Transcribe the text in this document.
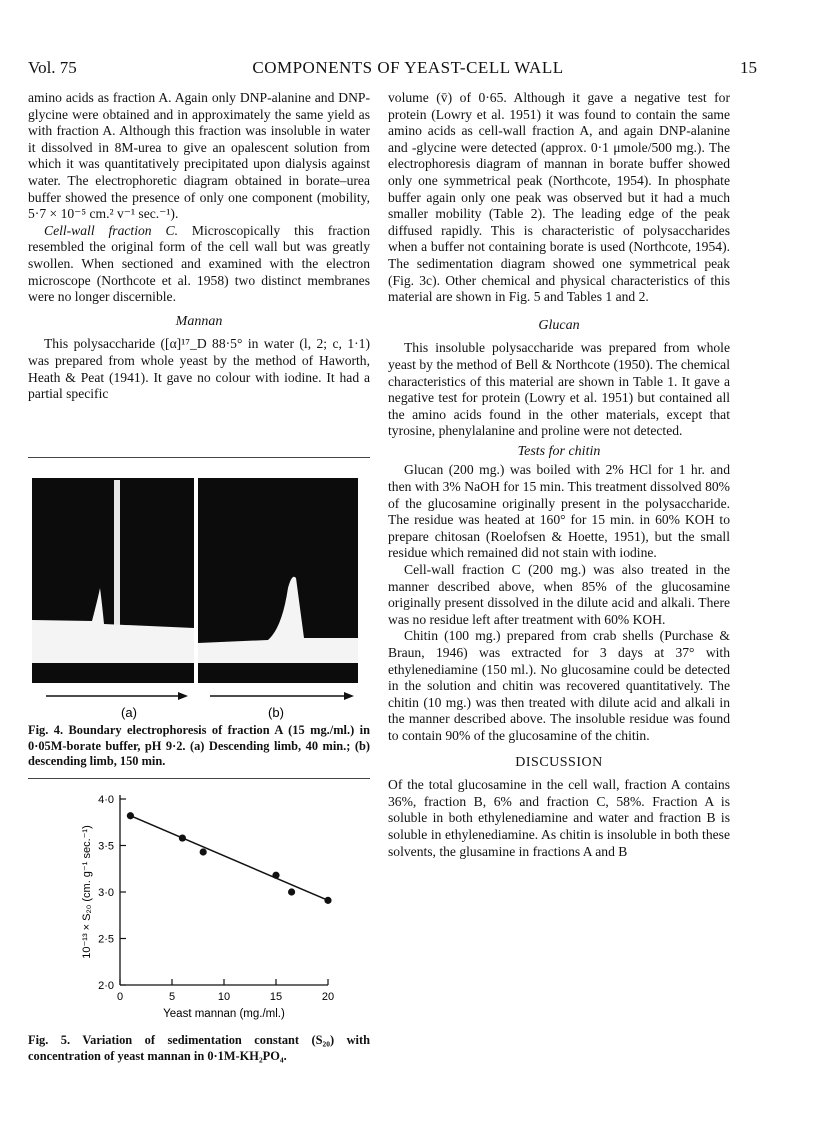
Vol. 75	COMPONENTS OF YEAST-CELL WALL	15

amino acids as fraction A. Again only DNP-alanine and DNP-glycine were obtained and in approximately the same yield as with fraction A. Although this fraction was insoluble in water it dissolved in 8M-urea to give an opalescent solution from which it was quantitatively precipitated upon dialysis against water. The electrophoretic diagram obtained in borate–urea buffer showed the presence of only one component (mobility, 5·7 × 10⁻⁵ cm.² v⁻¹ sec.⁻¹).

Cell-wall fraction C. Microscopically this fraction resembled the original form of the cell wall but was greatly swollen. When sectioned and examined with the electron microscope (Northcote et al. 1958) two distinct membranes were no longer discernible.

Mannan

This polysaccharide ([α]¹⁷_D 88·5° in water (l, 2; c, 1·1) was prepared from whole yeast by the method of Haworth, Heath & Peat (1941). It gave no colour with iodine. It had a partial specific

(a)	(b)
Fig. 4. Boundary electrophoresis of fraction A (15 mg./ml.) in 0·05M-borate buffer, pH 9·2. (a) Descending limb, 40 min.; (b) descending limb, 150 min.
2·0
2·5
3·0
3·5
4·0
0	5	10	15	20
10⁻¹³ × S₂₀ (cm. g⁻¹ sec.⁻¹)
Yeast mannan (mg./ml.)
Fig. 5. Variation of sedimentation constant (S₂₀) with concentration of yeast mannan in 0·1M-KH₂PO₄.

volume (v̄) of 0·65. Although it gave a negative test for protein (Lowry et al. 1951) it was found to contain the same amino acids as cell-wall fraction A, and again DNP-alanine and -glycine were detected (approx. 0·1 μmole/500 mg.). The electrophoresis diagram of mannan in borate buffer showed only one symmetrical peak (Northcote, 1954). In phosphate buffer again only one peak was observed but it had a much smaller mobility (Table 2). The leading edge of the peak diffused rapidly. This is characteristic of polysaccharides when a buffer not containing borate is used (Northcote, 1954). The sedimentation diagram showed one symmetrical peak (Fig. 3c). Other chemical and physical characteristics of this material are shown in Fig. 5 and Tables 1 and 2.

Glucan

This insoluble polysaccharide was prepared from whole yeast by the method of Bell & Northcote (1950). The chemical characteristics of this material are shown in Table 1. It gave a negative test for protein (Lowry et al. 1951) but contained all the amino acids found in the other materials, except that tyrosine, phenylalanine and proline were not detected.

Tests for chitin

Glucan (200 mg.) was boiled with 2% HCl for 1 hr. and then with 3% NaOH for 15 min. This treatment dissolved 80% of the glucosamine originally present in the polysaccharide. The residue was heated at 160° for 15 min. in 60% KOH to prepare chitosan (Roelofsen & Hoette, 1951), but the small residue which remained did not stain with iodine.

Cell-wall fraction C (200 mg.) was also treated in the manner described above, when 85% of the glucosamine originally present dissolved in the dilute acid and alkali. There was no residue left after treatment with 60% KOH.

Chitin (100 mg.) prepared from crab shells (Purchase & Braun, 1946) was extracted for 3 days at 37° with ethylenediamine (150 ml.). No glucosamine could be detected in the solution and chitin was recovered quantitatively. The chitin (10 mg.) was then treated with dilute acid and alkali in the manner described above. The insoluble residue was found to contain 90% of the glucosamine of the chitin.

DISCUSSION

Of the total glucosamine in the cell wall, fraction A contains 36%, fraction B, 6% and fraction C, 58%. Fraction A is soluble in both ethylenediamine and water and fraction B is soluble in ethylenediamine. As chitin is insoluble in both these solvents, the glusamine in fractions A and B
